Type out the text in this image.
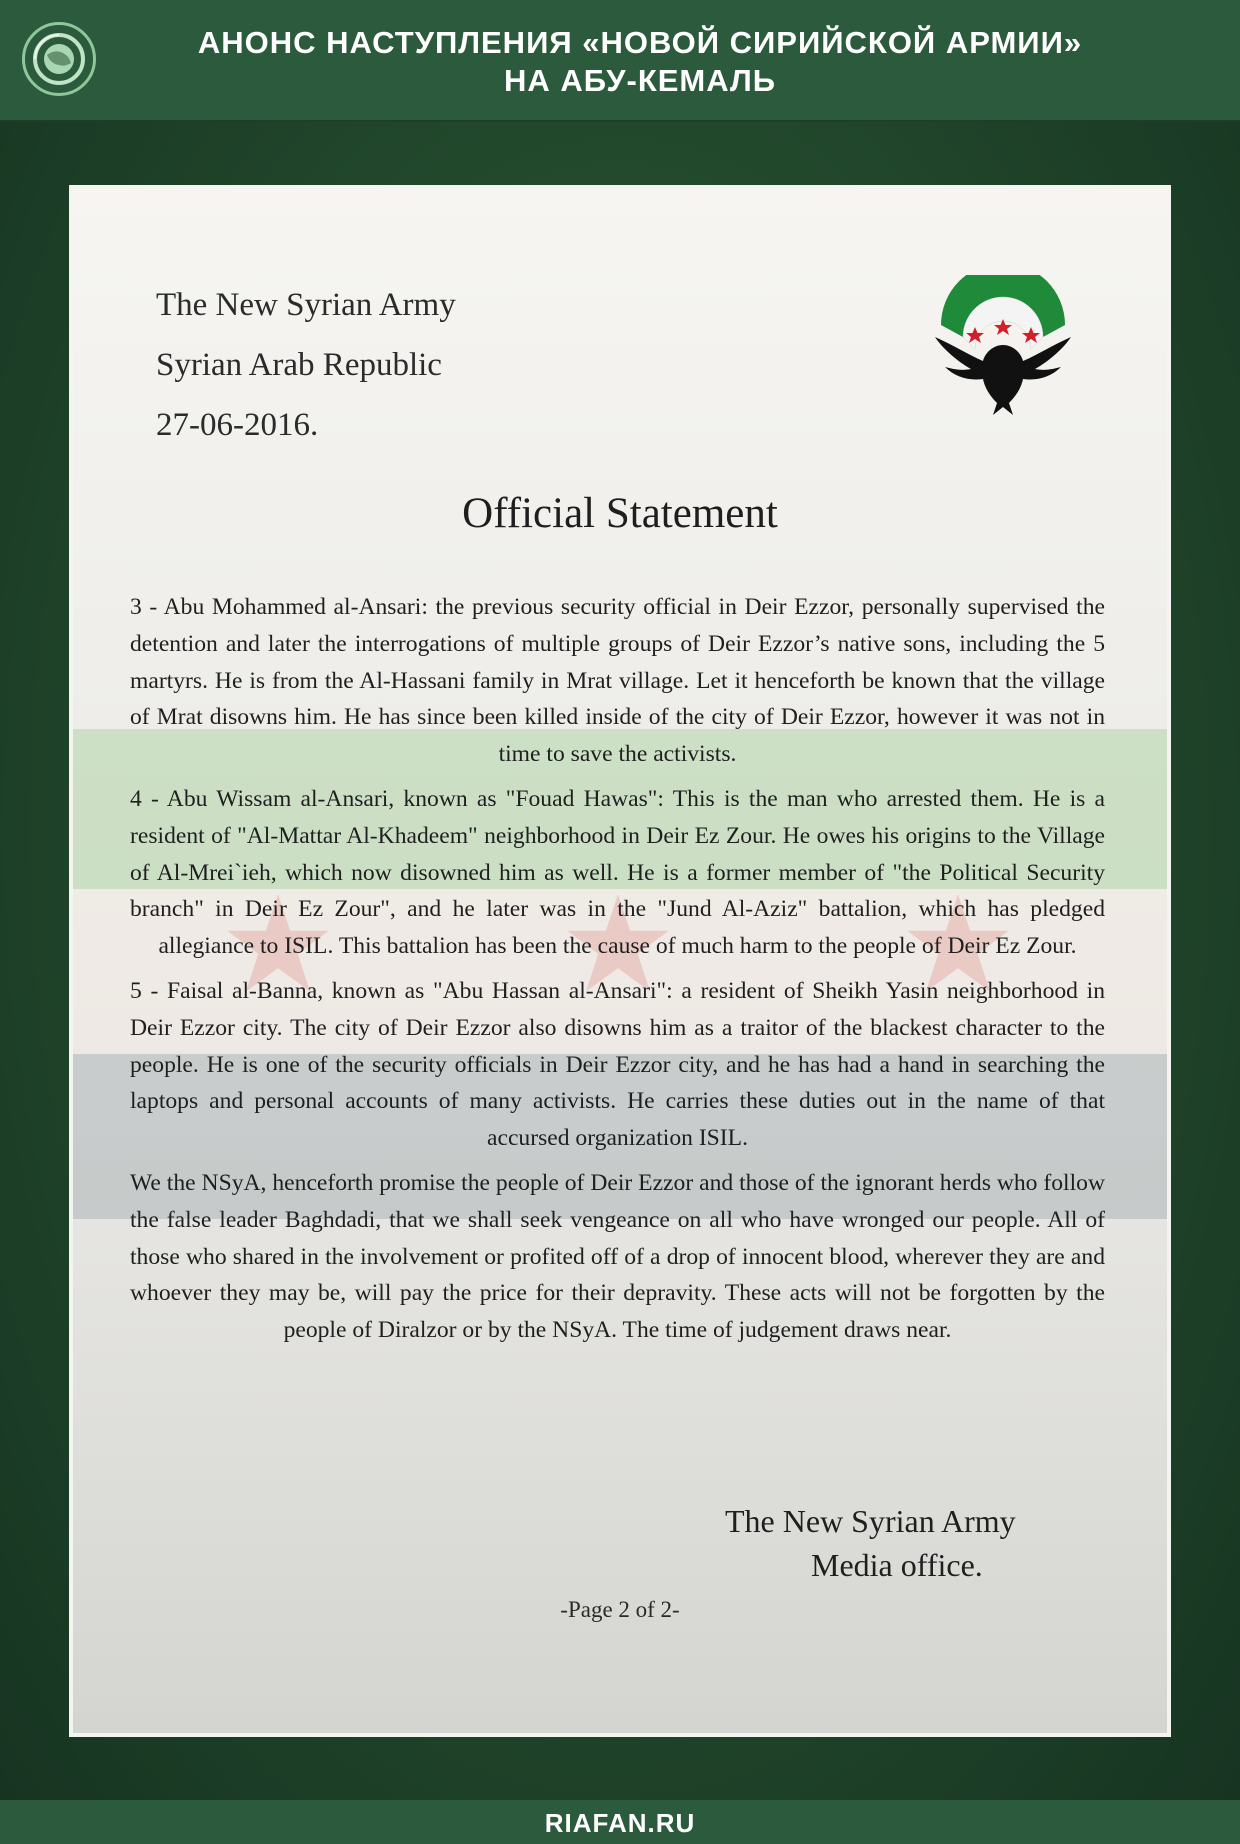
АНОНС НАСТУПЛЕНИЯ «НОВОЙ СИРИЙСКОЙ АРМИИ»
НА АБУ-КЕМАЛЬ
The New Syrian Army
Syrian Arab Republic
27-06-2016.
Official Statement

3 - Abu Mohammed al-Ansari: the previous security official in Deir Ezzor, personally supervised the detention and later the interrogations of multiple groups of Deir Ezzor’s native sons, including the 5 martyrs. He is from the Al-Hassani family in Mrat village. Let it henceforth be known that the village of Mrat disowns him. He has since been killed inside of the city of Deir Ezzor, however it was not in time to save the activists.

4 - Abu Wissam al-Ansari, known as "Fouad Hawas": This is the man who arrested them. He is a resident of "Al-Mattar Al-Khadeem" neighborhood in Deir Ez Zour. He owes his origins to the Village of Al-Mrei`ieh, which now disowned him as well. He is a former member of "the Political Security branch" in Deir Ez Zour", and he later was in the "Jund Al-Aziz" battalion, which has pledged allegiance to ISIL. This battalion has been the cause of much harm to the people of Deir Ez Zour.

5 - Faisal al-Banna, known as "Abu Hassan al-Ansari": a resident of Sheikh Yasin neighborhood in Deir Ezzor city. The city of Deir Ezzor also disowns him as a traitor of the blackest character to the people. He is one of the security officials in Deir Ezzor city, and he has had a hand in searching the laptops and personal accounts of many activists. He carries these duties out in the name of that accursed organization ISIL.

We the NSyA, henceforth promise the people of Deir Ezzor and those of the ignorant herds who follow the false leader Baghdadi, that we shall seek vengeance on all who have wronged our people. All of those who shared in the involvement or profited off of a drop of innocent blood, wherever they are and whoever they may be, will pay the price for their depravity. These acts will not be forgotten by the people of Diralzor or by the NSyA. The time of judgement draws near.

The New Syrian Army
Media office.
-Page 2 of 2-
RIAFAN.RU
